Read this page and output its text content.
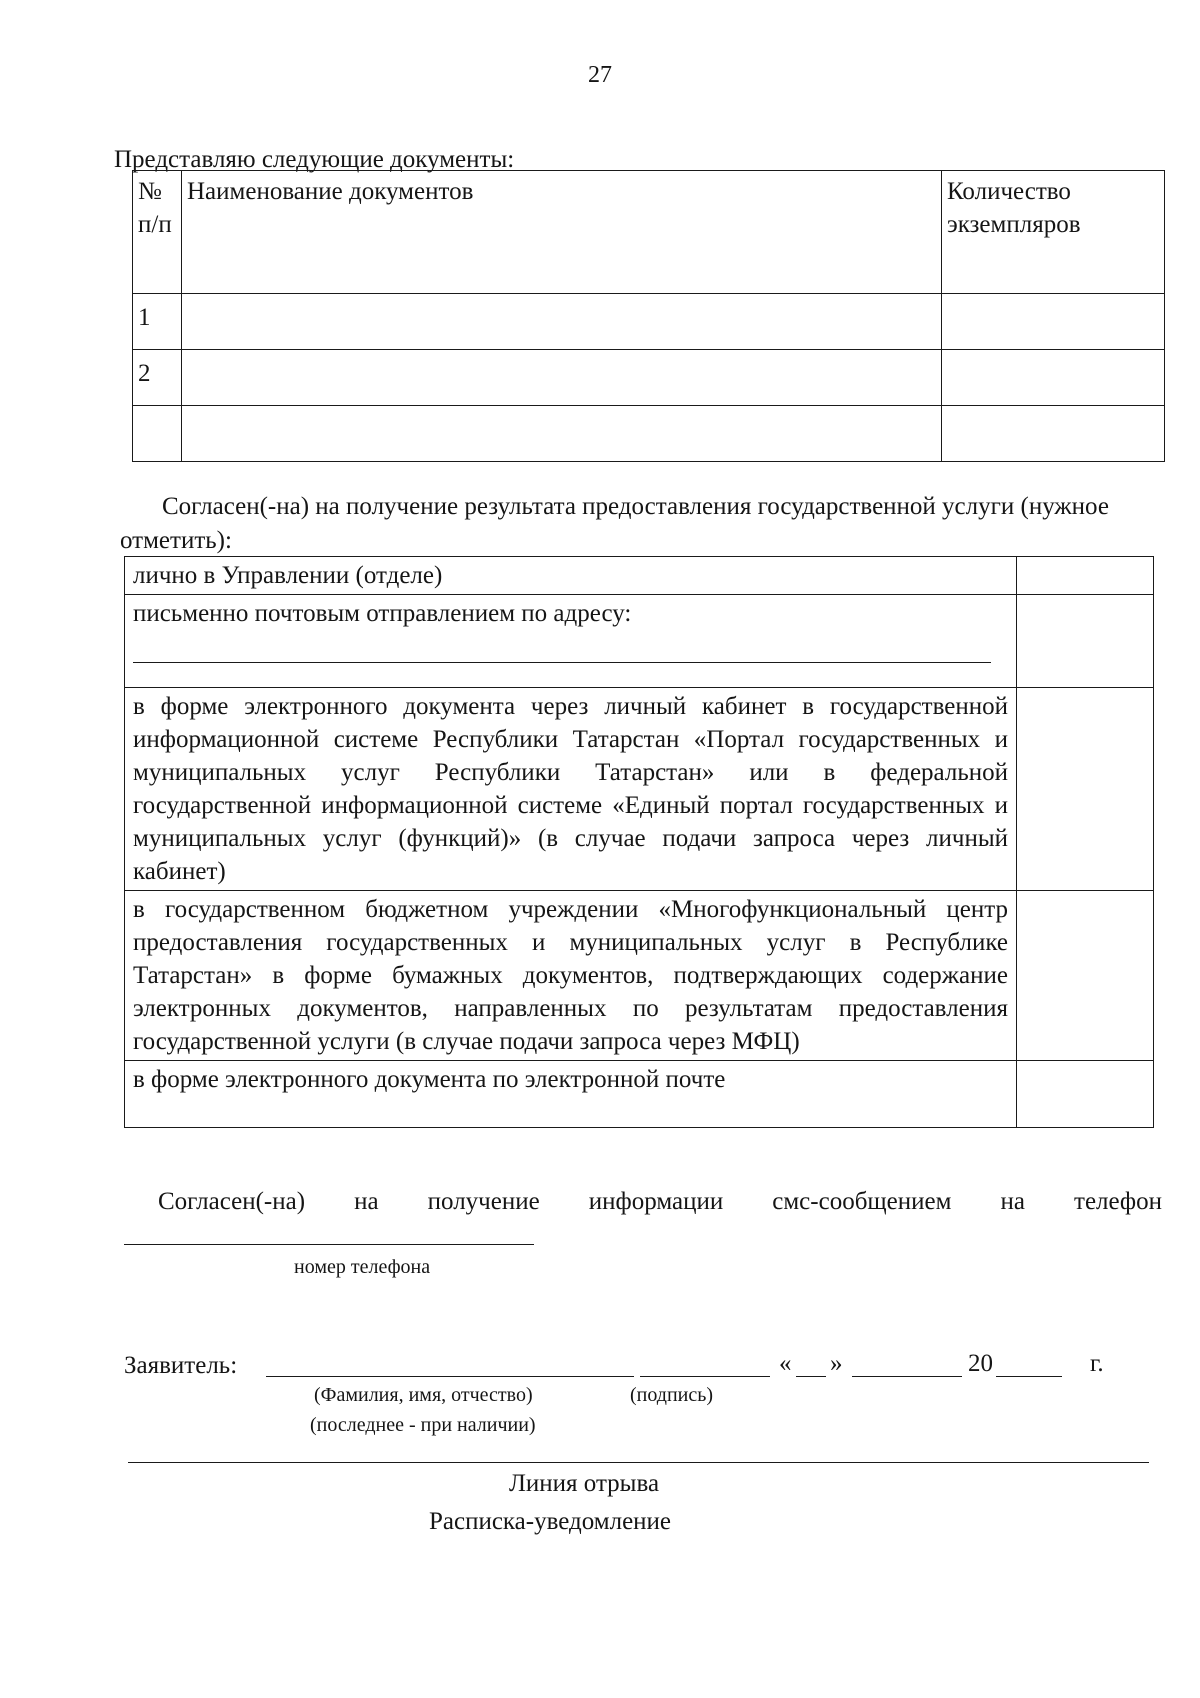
27
Представляю следующие документы:
№ п/п	Наименование документов	Количество экземпляров
1		
2		

Согласен(-на) на получение результата предоставления государственной услуги (нужное отметить):
лично в Управлении (отделе)	
письменно почтовым отправлением по адресу:

в форме электронного документа через личный кабинет в государственной информационной системе Республики Татарстан «Портал государственных и муниципальных услуг Республики Татарстан» или в федеральной государственной информационной системе «Единый портал государственных и муниципальных услуг (функций)» (в случае подачи запроса через личный кабинет)	
в государственном бюджетном учреждении «Многофункциональный центр предоставления государственных и муниципальных услуг в Республике Татарстан» в форме бумажных документов, подтверждающих содержание электронных документов, направленных по результатам предоставления государственной услуги (в случае подачи запроса через МФЦ)	
в форме электронного документа по электронной почте	
Согласен(-на) на получение информации смс-сообщением на телефон
номер телефона
Заявитель:	« »	20	г.
(Фамилия, имя, отчество)
(последнее - при наличии)
(подпись)
Линия отрыва
Расписка-уведомление
